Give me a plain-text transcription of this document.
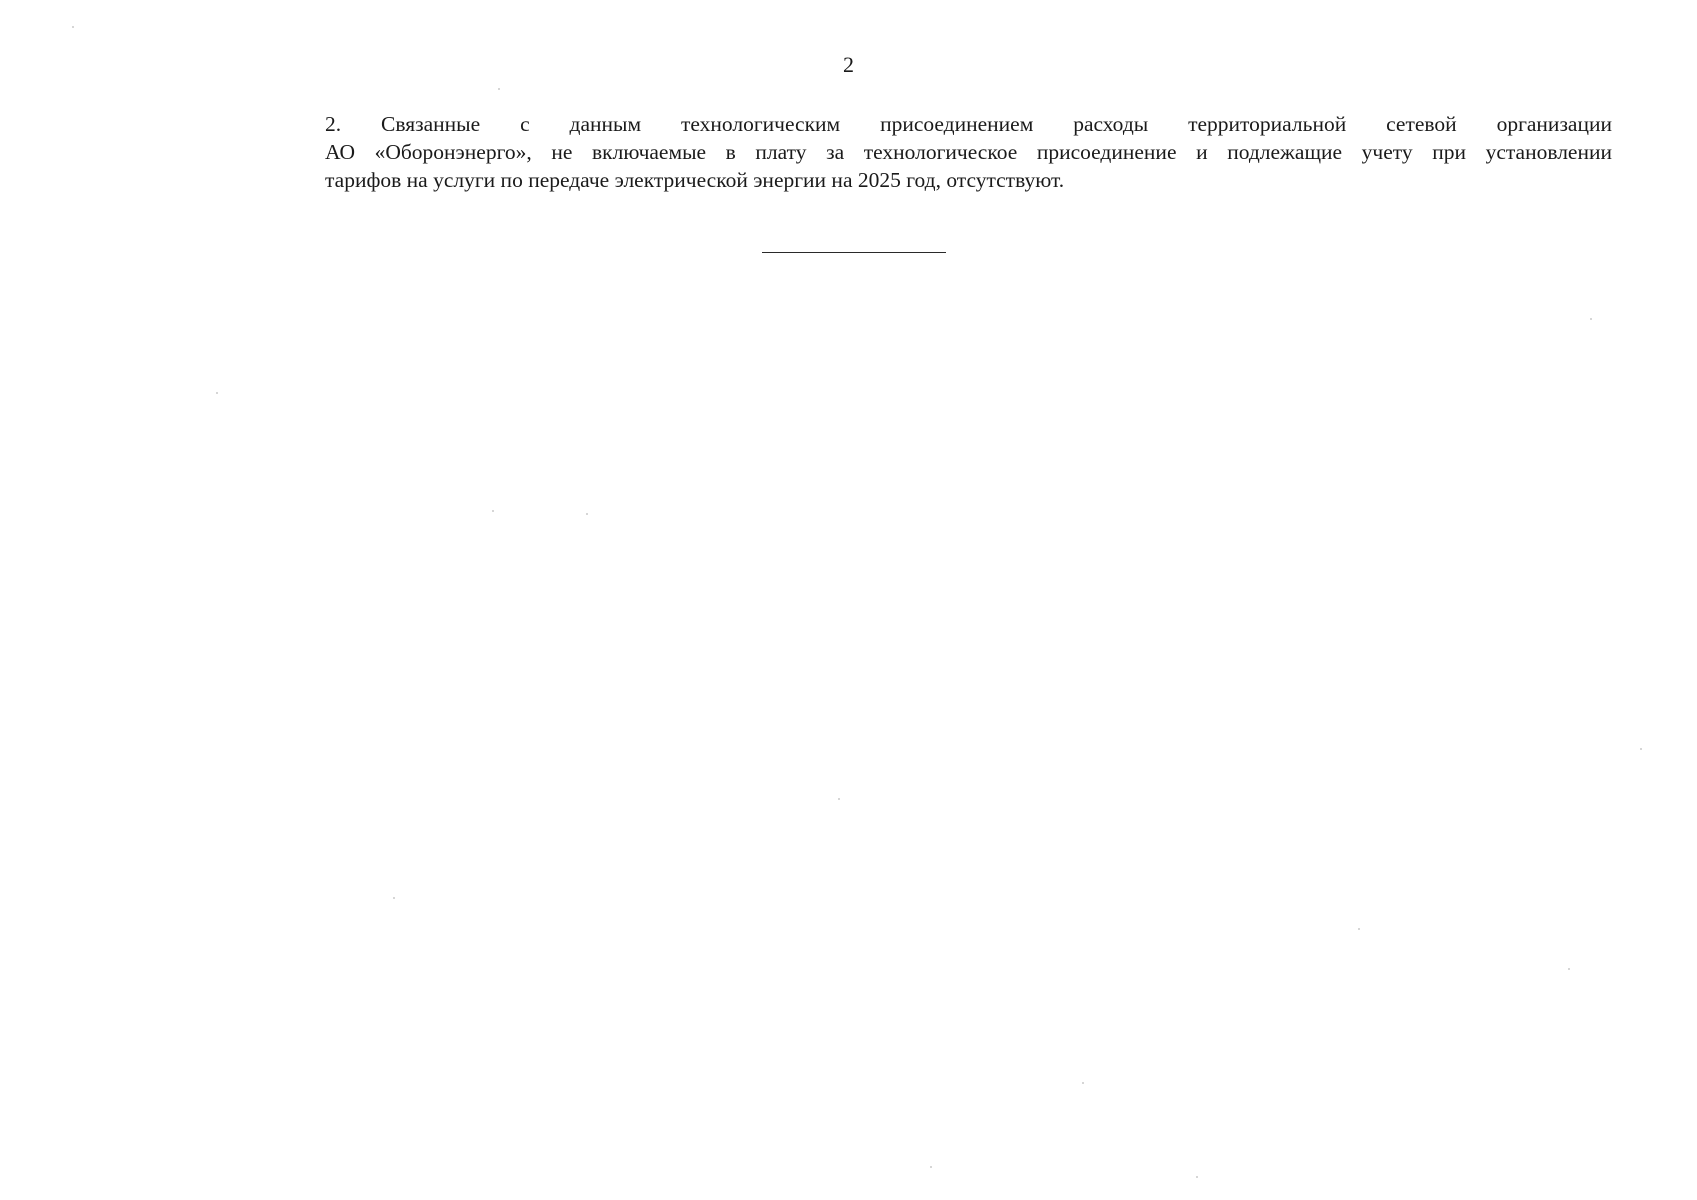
2

2. Связанные с данным технологическим присоединением расходы территориальной сетевой организации
АО «Оборонэнерго», не включаемые в плату за технологическое присоединение и подлежащие учету при установлении
тарифов на услуги по передаче электрической энергии на 2025 год, отсутствуют.
